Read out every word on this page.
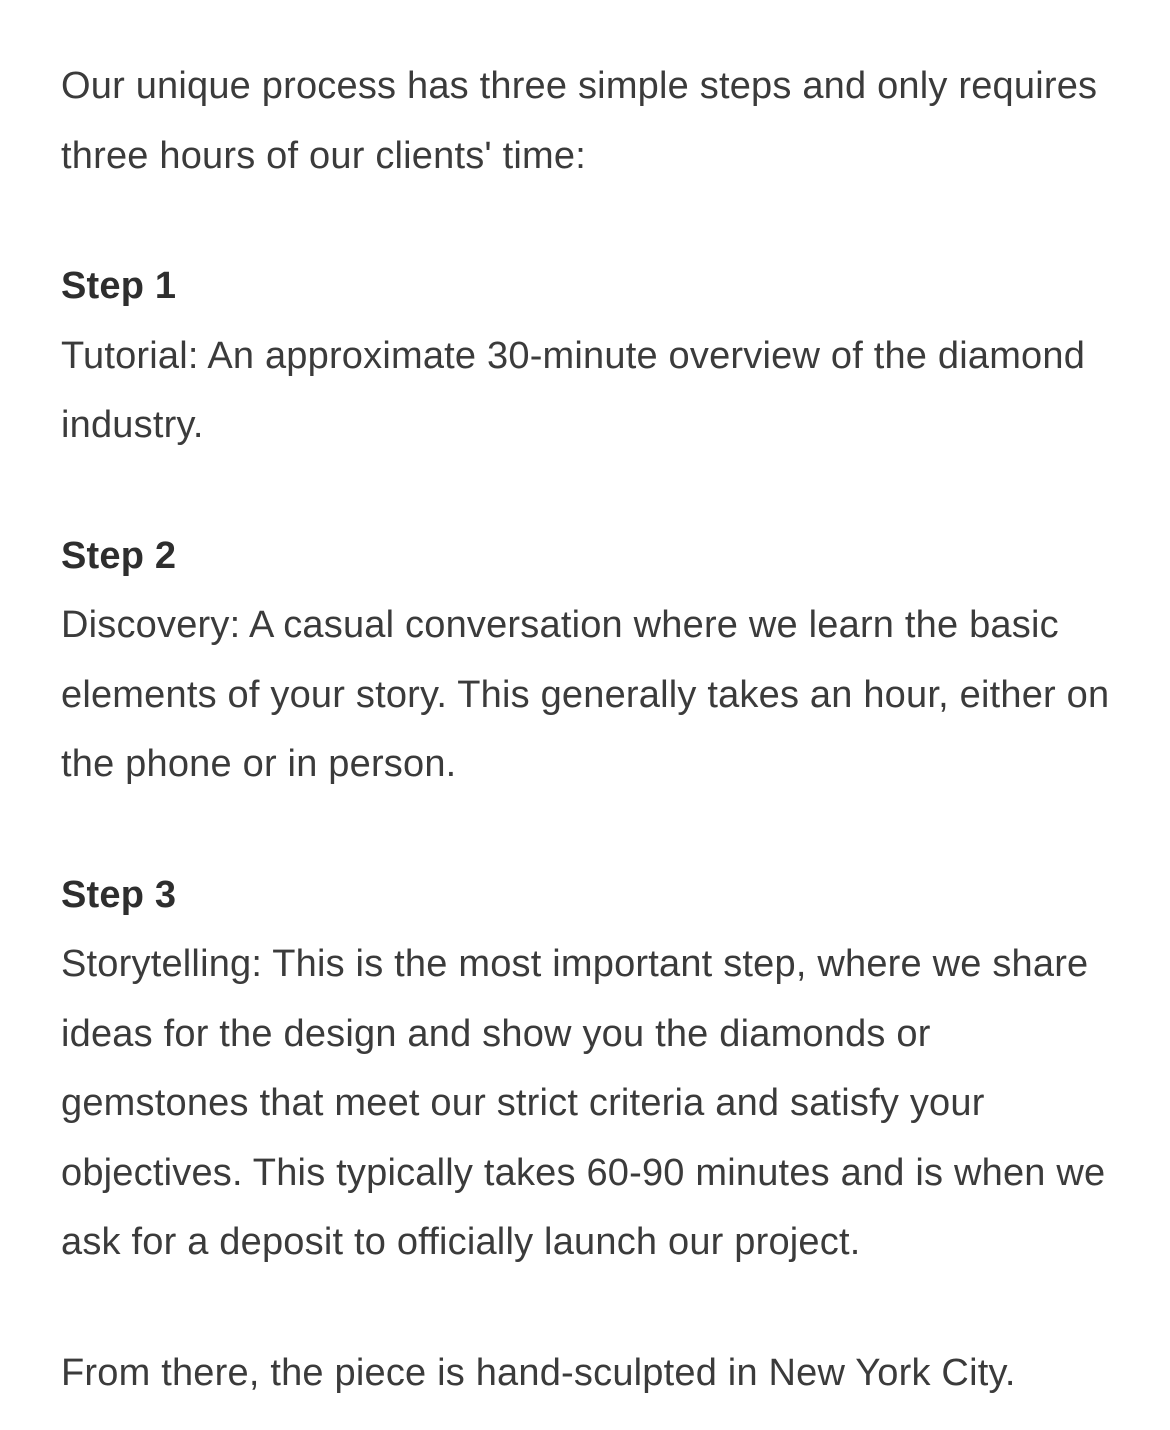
Our unique process has three simple steps and only requires three hours of our clients' time:

Step 1

Tutorial: An approximate 30-minute overview of the diamond industry.

Step 2

Discovery: A casual conversation where we learn the basic elements of your story. This generally takes an hour, either on the phone or in person.

Step 3

Storytelling: This is the most important step, where we share ideas for the design and show you the diamonds or gemstones that meet our strict criteria and satisfy your objectives. This typically takes 60-90 minutes and is when we ask for a deposit to officially launch our project.

From there, the piece is hand-sculpted in New York City.
